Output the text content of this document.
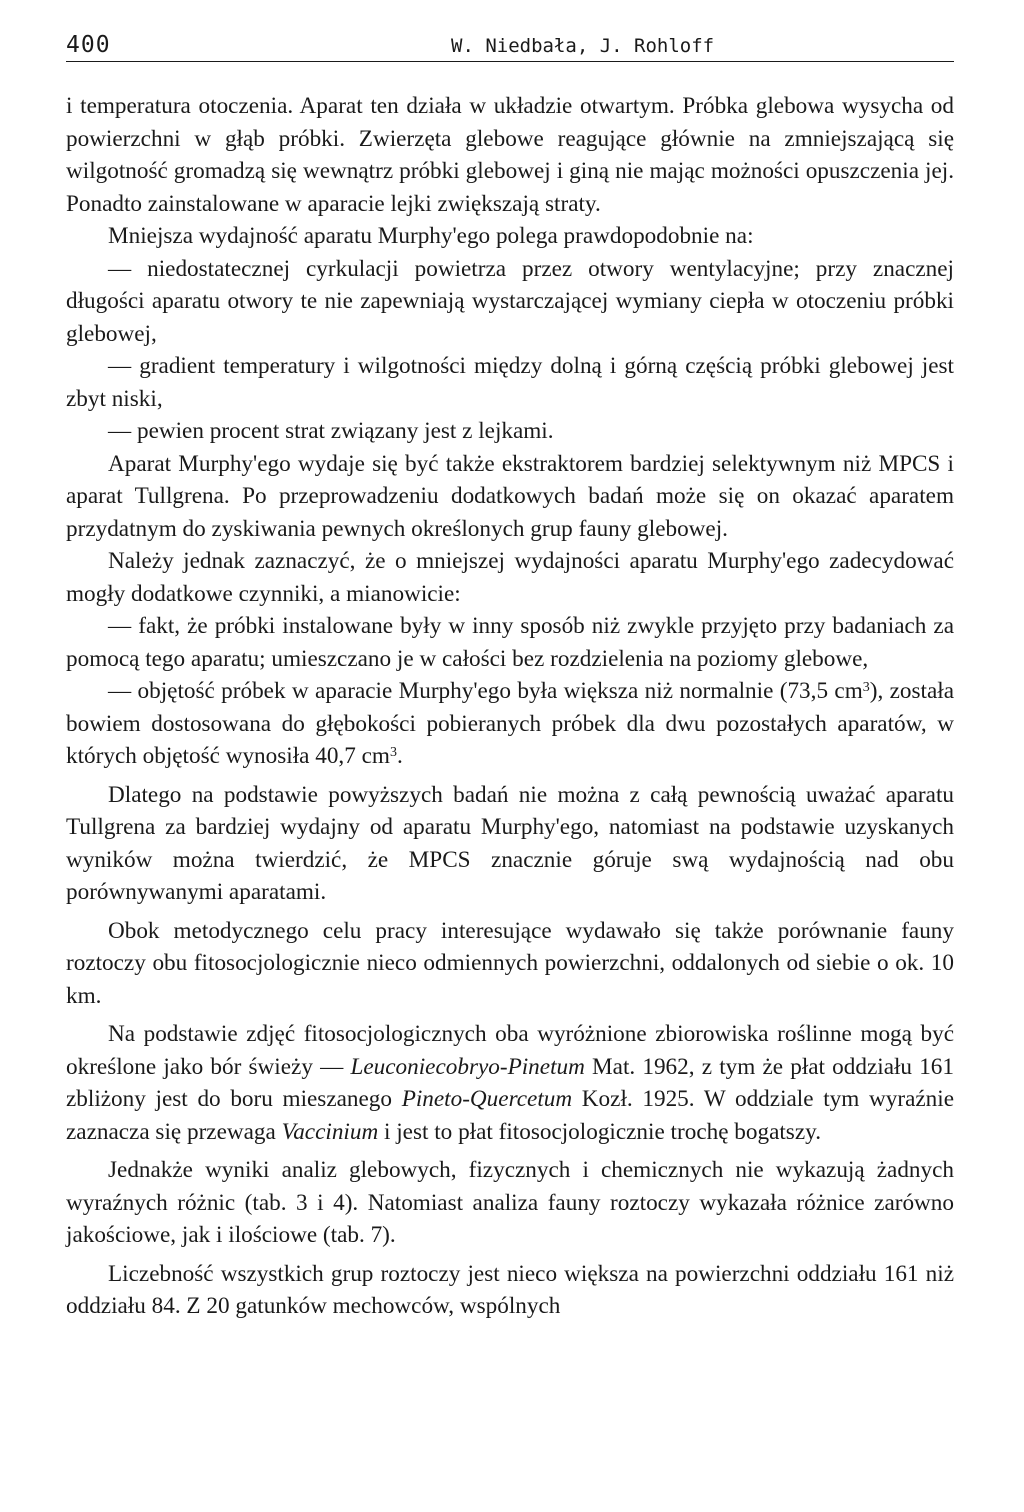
400	W. Niedbała, J. Rohloff

i temperatura otoczenia. Aparat ten działa w układzie otwartym. Próbka glebowa wysycha od powierzchni w głąb próbki. Zwierzęta glebowe reagujące głównie na zmniejszającą się wilgotność gromadzą się wewnątrz próbki glebowej i giną nie mając możności opuszczenia jej. Ponadto zainstalowane w aparacie lejki zwiększają straty.

Mniejsza wydajność aparatu Murphy'ego polega prawdopodobnie na:

— niedostatecznej cyrkulacji powietrza przez otwory wentylacyjne; przy znacznej długości aparatu otwory te nie zapewniają wystarczającej wymiany ciepła w otoczeniu próbki glebowej,

— gradient temperatury i wilgotności między dolną i górną częścią próbki glebowej jest zbyt niski,

— pewien procent strat związany jest z lejkami.

Aparat Murphy'ego wydaje się być także ekstraktorem bardziej selektywnym niż MPCS i aparat Tullgrena. Po przeprowadzeniu dodatkowych badań może się on okazać aparatem przydatnym do zyskiwania pewnych określonych grup fauny glebowej.

Należy jednak zaznaczyć, że o mniejszej wydajności aparatu Murphy'ego zadecydować mogły dodatkowe czynniki, a mianowicie:

— fakt, że próbki instalowane były w inny sposób niż zwykle przyjęto przy badaniach za pomocą tego aparatu; umieszczano je w całości bez rozdzielenia na poziomy glebowe,

— objętość próbek w aparacie Murphy'ego była większa niż normalnie (73,5 $cm^3$), została bowiem dostosowana do głębokości pobieranych próbek dla dwu pozostałych aparatów, w których objętość wynosiła 40,7 $cm^3$.

Dlatego na podstawie powyższych badań nie można z całą pewnością uważać aparatu Tullgrena za bardziej wydajny od aparatu Murphy'ego, natomiast na podstawie uzyskanych wyników można twierdzić, że MPCS znacznie góruje swą wydajnością nad obu porównywanymi aparatami.

Obok metodycznego celu pracy interesujące wydawało się także porównanie fauny roztoczy obu fitosocjologicznie nieco odmiennych powierzchni, oddalonych od siebie o ok. 10 km.

Na podstawie zdjęć fitosocjologicznych oba wyróżnione zbiorowiska roślinne mogą być określone jako bór świeży — Leuconiecobryo-Pinetum Mat. 1962, z tym że płat oddziału 161 zbliżony jest do boru mieszanego Pineto-Quercetum Kozł. 1925. W oddziale tym wyraźnie zaznacza się przewaga Vaccinium i jest to płat fitosocjologicznie trochę bogatszy.

Jednakże wyniki analiz glebowych, fizycznych i chemicznych nie wykazują żadnych wyraźnych różnic (tab. 3 i 4). Natomiast analiza fauny roztoczy wykazała różnice zarówno jakościowe, jak i ilościowe (tab. 7).

Liczebność wszystkich grup roztoczy jest nieco większa na powierzchni oddziału 161 niż oddziału 84. Z 20 gatunków mechowców, wspólnych
